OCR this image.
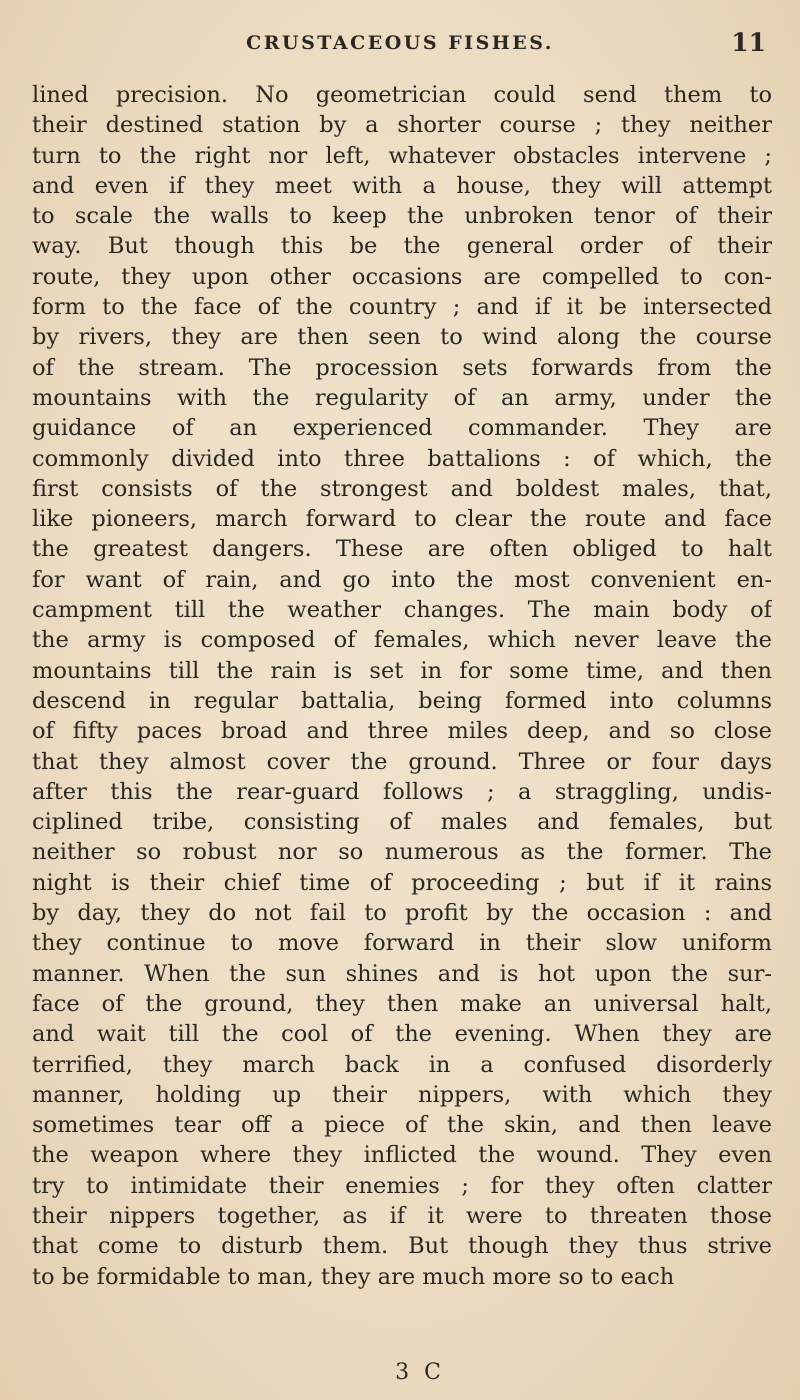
CRUSTACEOUS FISHES.	11
lined precision. No geometrician could send them to
their destined station by a shorter course ; they neither
turn to the right nor left, whatever obstacles intervene ;
and even if they meet with a house, they will attempt
to scale the walls to keep the unbroken tenor of their
way. But though this be the general order of their
route, they upon other occasions are compelled to con-
form to the face of the country ; and if it be intersected
by rivers, they are then seen to wind along the course
of the stream. The procession sets forwards from the
mountains with the regularity of an army, under the
guidance of an experienced commander. They are
commonly divided into three battalions : of which, the
first consists of the strongest and boldest males, that,
like pioneers, march forward to clear the route and face
the greatest dangers. These are often obliged to halt
for want of rain, and go into the most convenient en-
campment till the weather changes. The main body of
the army is composed of females, which never leave the
mountains till the rain is set in for some time, and then
descend in regular battalia, being formed into columns
of fifty paces broad and three miles deep, and so close
that they almost cover the ground. Three or four days
after this the rear-guard follows ; a straggling, undis-
ciplined tribe, consisting of males and females, but
neither so robust nor so numerous as the former. The
night is their chief time of proceeding ; but if it rains
by day, they do not fail to profit by the occasion : and
they continue to move forward in their slow uniform
manner. When the sun shines and is hot upon the sur-
face of the ground, they then make an universal halt,
and wait till the cool of the evening. When they are
terrified, they march back in a confused disorderly
manner, holding up their nippers, with which they
sometimes tear off a piece of the skin, and then leave
the weapon where they inflicted the wound. They even
try to intimidate their enemies ; for they often clatter
their nippers together, as if it were to threaten those
that come to disturb them. But though they thus strive
to be formidable to man, they are much more so to each
3 C
